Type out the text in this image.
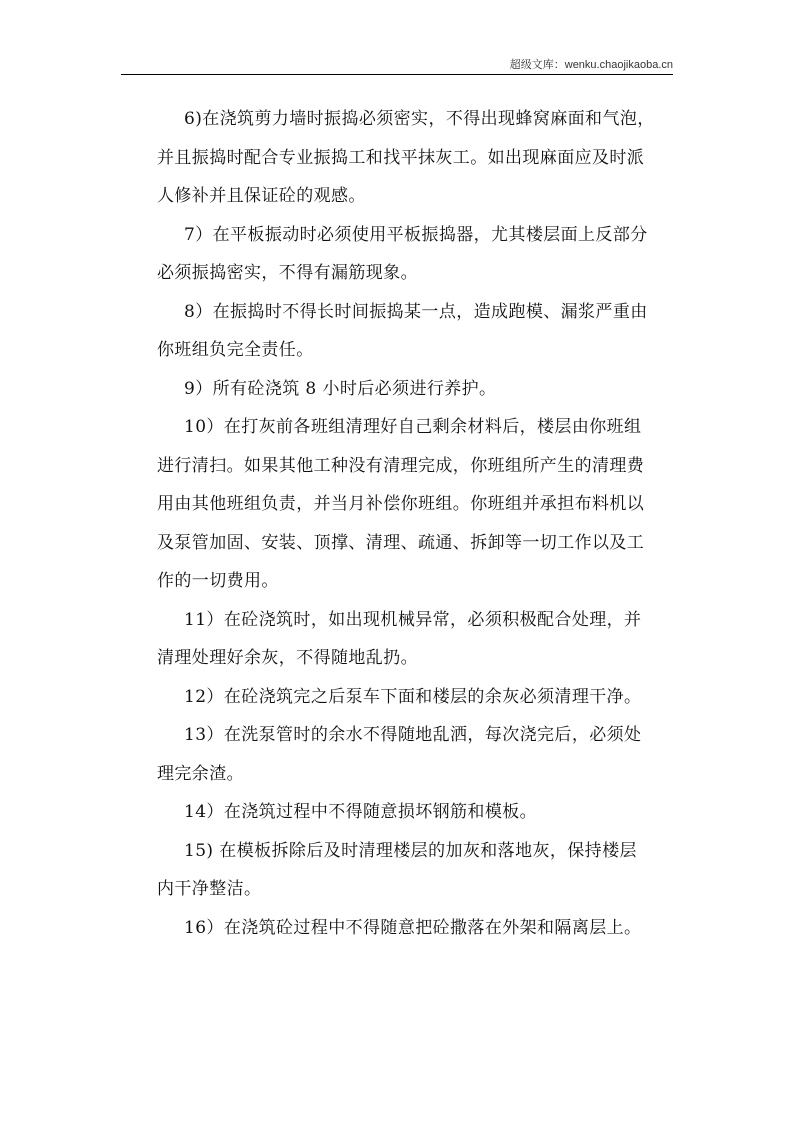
超级文库：wenku.chaojikaoba.cn
6)在浇筑剪力墙时振捣必须密实，不得出现蜂窝麻面和气泡，
并且振捣时配合专业振捣工和找平抹灰工。如出现麻面应及时派
人修补并且保证砼的观感。
7）在平板振动时必须使用平板振捣器，尤其楼层面上反部分
必须振捣密实，不得有漏筋现象。
8）在振捣时不得长时间振捣某一点，造成跑模、漏浆严重由
你班组负完全责任。
9）所有砼浇筑 8 小时后必须进行养护。
10）在打灰前各班组清理好自己剩余材料后，楼层由你班组
进行清扫。如果其他工种没有清理完成，你班组所产生的清理费
用由其他班组负责，并当月补偿你班组。你班组并承担布料机以
及泵管加固、安装、顶撑、清理、疏通、拆卸等一切工作以及工
作的一切费用。
11）在砼浇筑时，如出现机械异常，必须积极配合处理，并
清理处理好余灰，不得随地乱扔。
12）在砼浇筑完之后泵车下面和楼层的余灰必须清理干净。
13）在洗泵管时的余水不得随地乱洒，每次浇完后，必须处
理完余渣。
14）在浇筑过程中不得随意损坏钢筋和模板。
15) 在模板拆除后及时清理楼层的加灰和落地灰，保持楼层
内干净整洁。
16）在浇筑砼过程中不得随意把砼撒落在外架和隔离层上。
